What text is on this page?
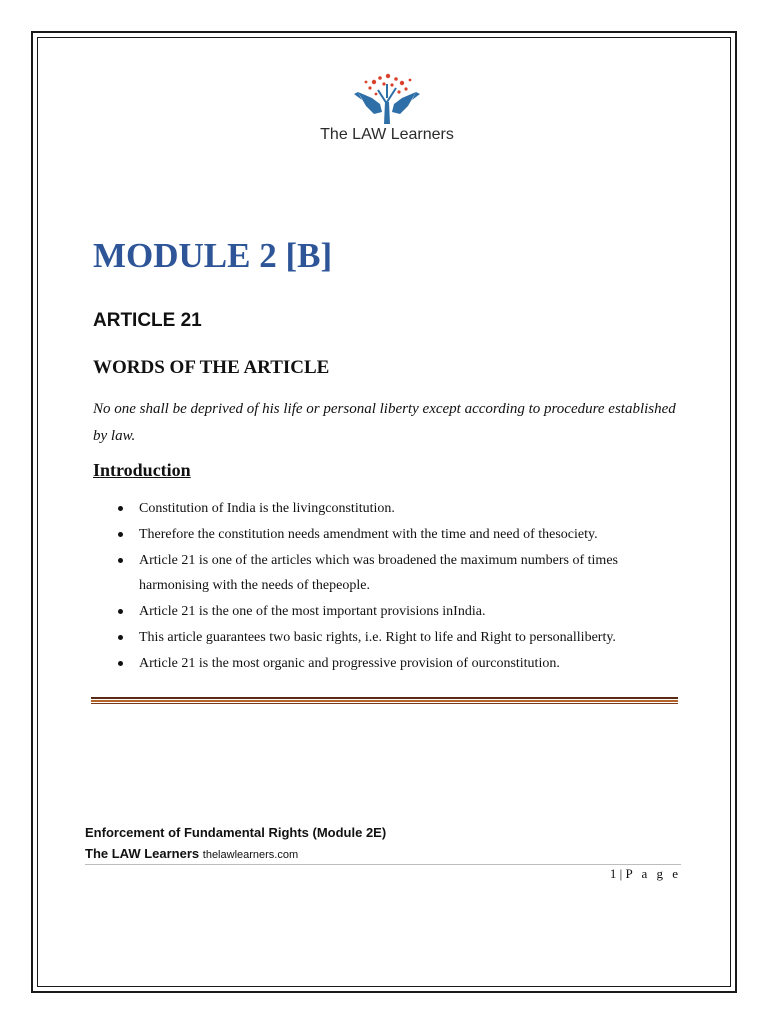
The LAW Learners
MODULE 2 [B]
ARTICLE 21
WORDS OF THE ARTICLE

No one shall be deprived of his life or personal liberty except according to procedure established by law.

Introduction
Constitution of India is the livingconstitution.
Therefore the constitution needs amendment with the time and need of thesociety.
Article 21 is one of the articles which was broadened the maximum numbers of times harmonising with the needs of thepeople.
Article 21 is the one of the most important provisions inIndia.
This article guarantees two basic rights, i.e. Right to life and Right to personalliberty.
Article 21 is the most organic and progressive provision of ourconstitution.

Enforcement of Fundamental Rights (Module 2E)

The LAW Learners thelawlearners.com

1 | P a g e
